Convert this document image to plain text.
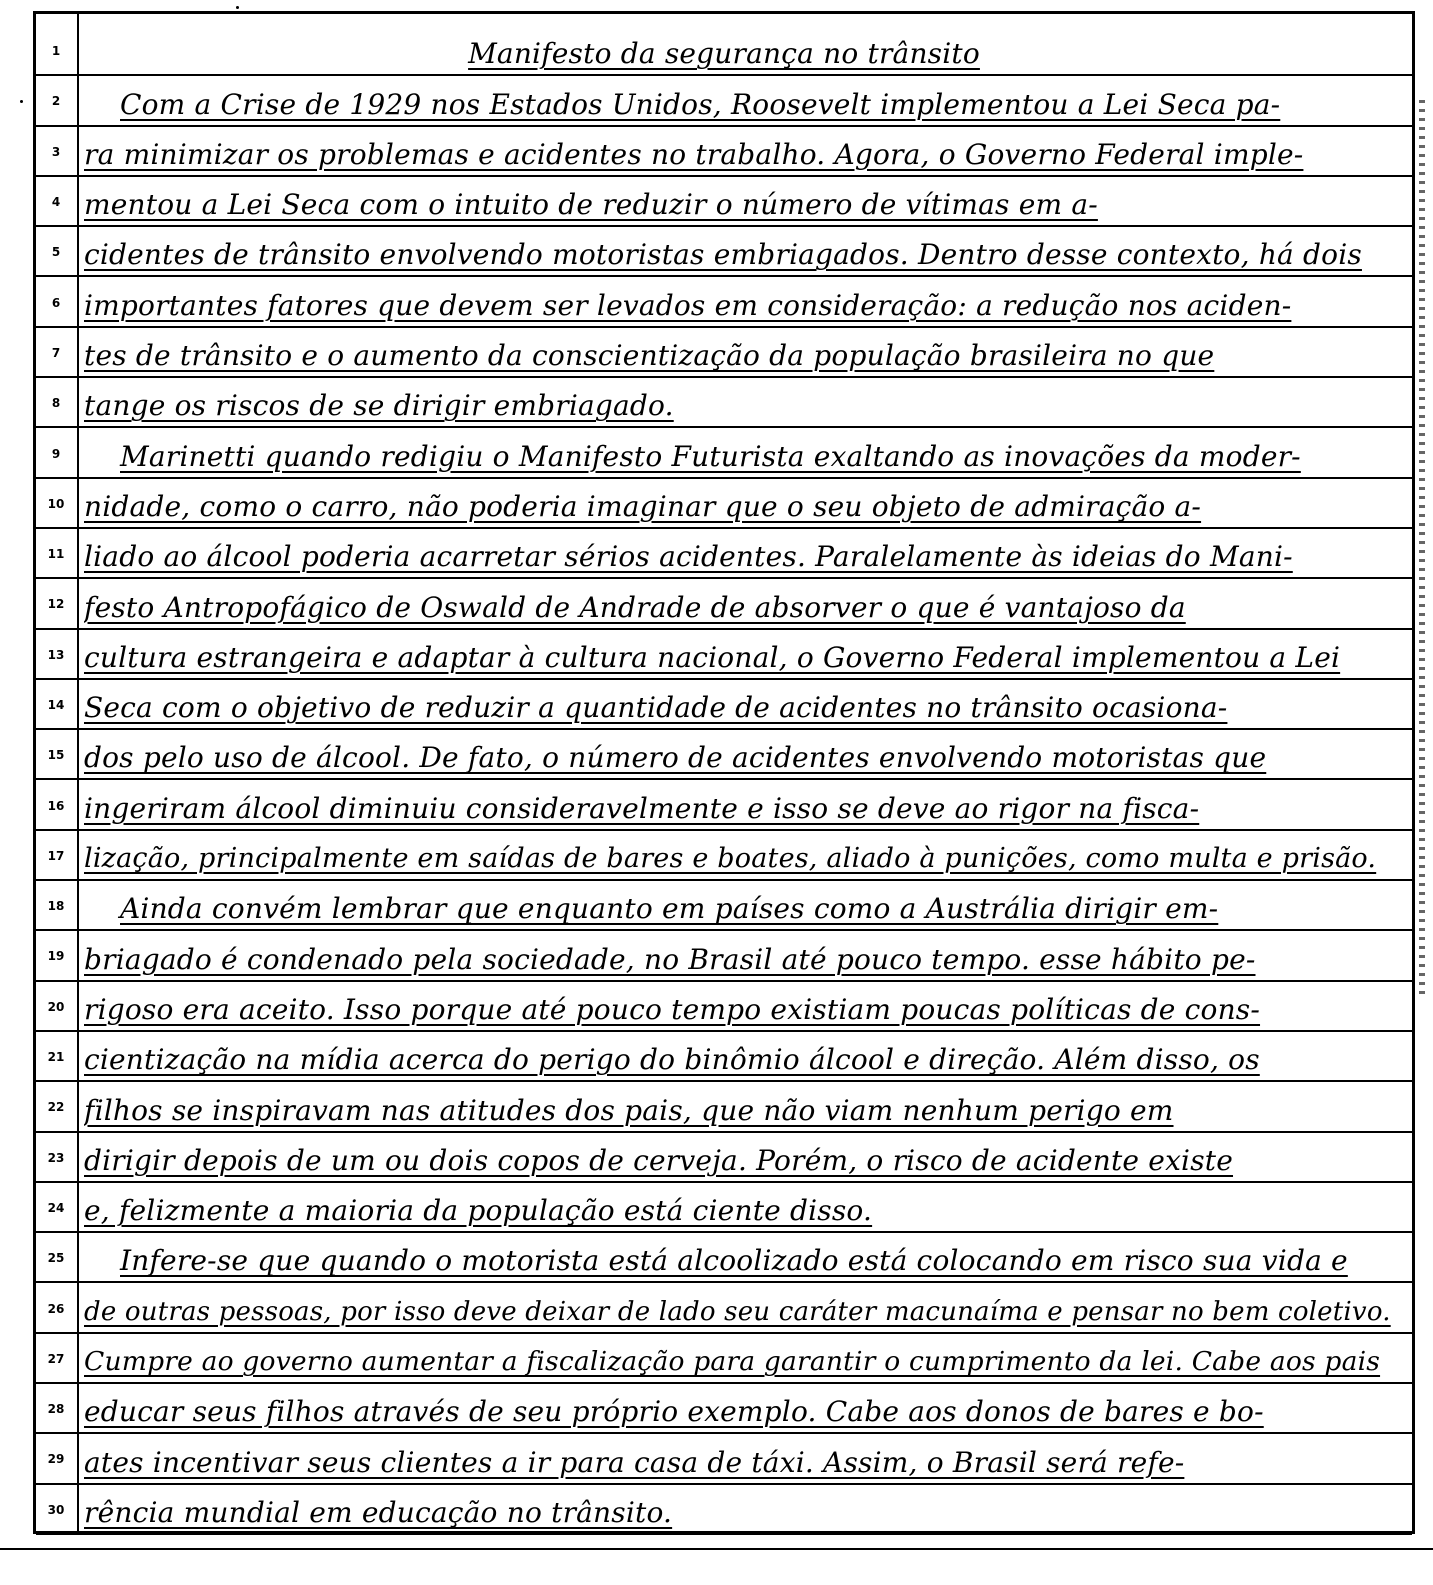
1	Manifesto da segurança no trânsito
2	Com a Crise de 1929 nos Estados Unidos, Roosevelt implementou a Lei Seca pa-
3 ra minimizar os problemas e acidentes no trabalho. Agora, o Governo Federal imple-
4 mentou a Lei Seca com o intuito de reduzir o número de vítimas em a-
5 cidentes de trânsito envolvendo motoristas embriagados. Dentro desse contexto, há dois
6 importantes fatores que devem ser levados em consideração: a redução nos aciden-
7 tes de trânsito e o aumento da conscientização da população brasileira no que
8 tange os riscos de se dirigir embriagado.
9	Marinetti quando redigiu o Manifesto Futurista exaltando as inovações da moder-
10 nidade, como o carro, não poderia imaginar que o seu objeto de admiração a-
11 liado ao álcool poderia acarretar sérios acidentes. Paralelamente às ideias do Mani-
12 festo Antropofágico de Oswald de Andrade de absorver o que é vantajoso da
13 cultura estrangeira e adaptar à cultura nacional, o Governo Federal implementou a Lei
14 Seca com o objetivo de reduzir a quantidade de acidentes no trânsito ocasiona-
15 dos pelo uso de álcool. De fato, o número de acidentes envolvendo motoristas que
16 ingeriram álcool diminuiu consideravelmente e isso se deve ao rigor na fisca-
17 lização, principalmente em saídas de bares e boates, aliado à punições, como multa e prisão.
18	Ainda convém lembrar que enquanto em países como a Austrália dirigir em-
19 briagado é condenado pela sociedade, no Brasil até pouco tempo. esse hábito pe-
20 rigoso era aceito. Isso porque até pouco tempo existiam poucas políticas de cons-
21 cientização na mídia acerca do perigo do binômio álcool e direção. Além disso, os
22 filhos se inspiravam nas atitudes dos pais, que não viam nenhum perigo em
23 dirigir depois de um ou dois copos de cerveja. Porém, o risco de acidente existe
24 e, felizmente a maioria da população está ciente disso.
25	Infere-se que quando o motorista está alcoolizado está colocando em risco sua vida e
26 de outras pessoas, por isso deve deixar de lado seu caráter macunaíma e pensar no bem coletivo.
27 Cumpre ao governo aumentar a fiscalização para garantir o cumprimento da lei. Cabe aos pais
28 educar seus filhos através de seu próprio exemplo. Cabe aos donos de bares e bo-
29 ates incentivar seus clientes a ir para casa de táxi. Assim, o Brasil será refe-
30 rência mundial em educação no trânsito.
